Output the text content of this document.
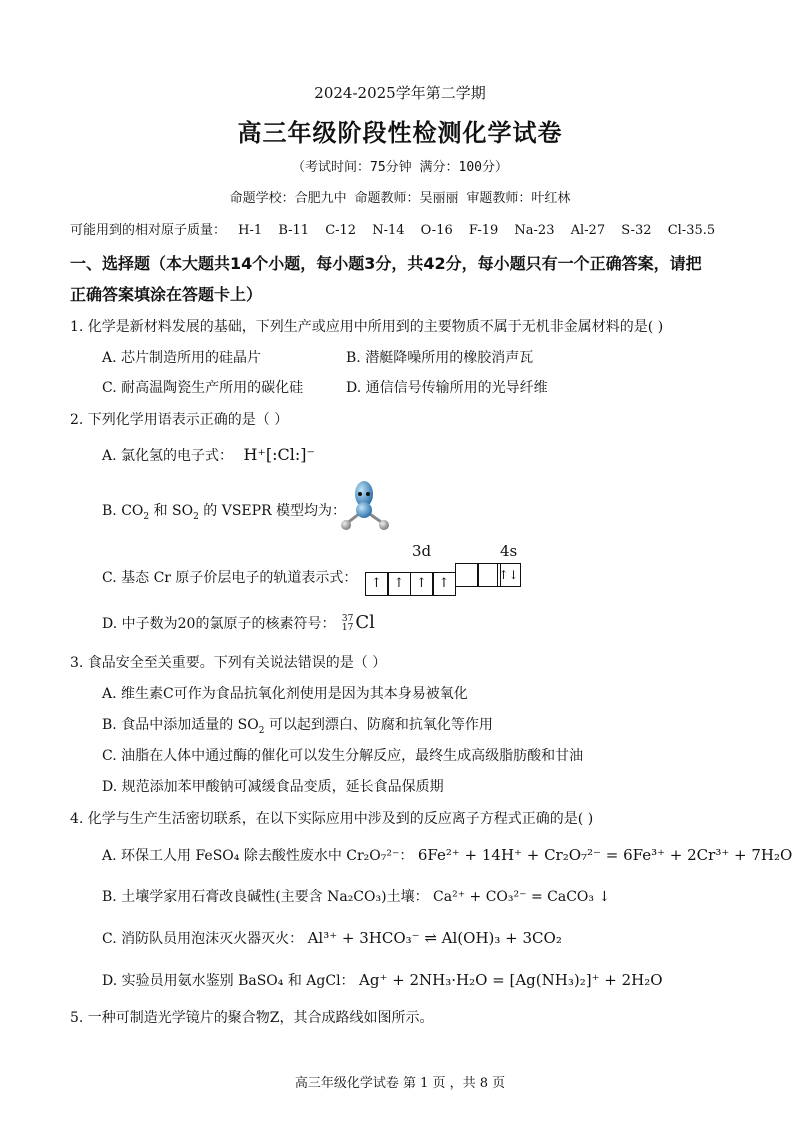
2024-2025学年第二学期
高三年级阶段性检测化学试卷
（考试时间：75分钟 满分：100分）
命题学校：合肥九中 命题教师：吴丽丽 审题教师：叶红林
可能用到的相对原子质量： H-1 B-11 C-12 N-14 O-16 F-19 Na-23 Al-27 S-32 Cl-35.5
一、选择题（本大题共14个小题，每小题3分，共42分，每小题只有一个正确答案，请把
正确答案填涂在答题卡上）
1. 化学是新材料发展的基础，下列生产或应用中所用到的主要物质不属于无机非金属材料的是( )
A. 芯片制造所用的硅晶片	B. 潜艇降噪所用的橡胶消声瓦
C. 耐高温陶瓷生产所用的碳化硅	D. 通信信号传输所用的光导纤维
2. 下列化学用语表示正确的是（ ）
A. 氯化氢的电子式： H⁺[:Cl:]⁻
B. $CO_2$ 和 $SO_2$ 的 VSEPR 模型均为：
C. 基态 Cr 原子价层电子的轨道表示式：
3d	4s
↑ ↑ ↑ ↑
↑↓
D. 中子数为20的氯原子的核素符号： 37
17 Cl
3. 食品安全至关重要。下列有关说法错误的是（ ）
A. 维生素C可作为食品抗氧化剂使用是因为其本身易被氧化
B. 食品中添加适量的 $SO_2$ 可以起到漂白、防腐和抗氧化等作用
C. 油脂在人体中通过酶的催化可以发生分解反应，最终生成高级脂肪酸和甘油
D. 规范添加苯甲酸钠可减缓食品变质，延长食品保质期
4. 化学与生产生活密切联系，在以下实际应用中涉及到的反应离子方程式正确的是( )
A. 环保工人用 FeSO₄ 除去酸性废水中 Cr₂O₇²⁻： 6Fe²⁺ + 14H⁺ + Cr₂O₇²⁻ = 6Fe³⁺ + 2Cr³⁺ + 7H₂O
B. 土壤学家用石膏改良碱性(主要含 Na₂CO₃)土壤： Ca²⁺ + CO₃²⁻ = CaCO₃ ↓
C. 消防队员用泡沫灭火器灭火： Al³⁺ + 3HCO₃⁻ ⇌ Al(OH)₃ + 3CO₂
D. 实验员用氨水鉴别 BaSO₄ 和 AgCl： Ag⁺ + 2NH₃·H₂O = [Ag(NH₃)₂]⁺ + 2H₂O
5. 一种可制造光学镜片的聚合物Z，其合成路线如图所示。
高三年级化学试卷 第 1 页 ，共 8 页
